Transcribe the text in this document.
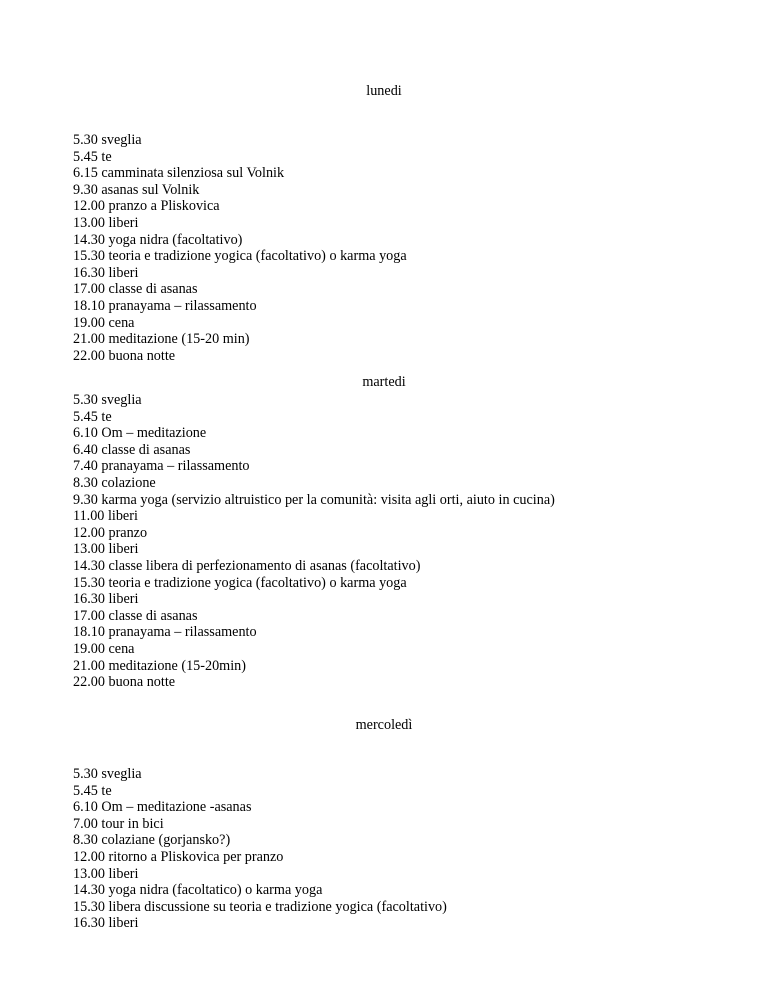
lunedi
5.30 sveglia
5.45 te
6.15 camminata silenziosa sul Volnik
9.30 asanas sul Volnik
12.00 pranzo a Pliskovica
13.00 liberi
14.30 yoga nidra (facoltativo)
15.30 teoria e tradizione yogica (facoltativo) o karma yoga
16.30 liberi
17.00 classe di asanas
18.10 pranayama – rilassamento
19.00 cena
21.00 meditazione (15-20 min)
22.00 buona notte
martedi
5.30 sveglia
5.45 te
6.10 Om – meditazione
6.40 classe di asanas
7.40 pranayama – rilassamento
8.30 colazione
9.30 karma yoga (servizio altruistico per la comunità: visita agli orti, aiuto in cucina)
11.00 liberi
12.00 pranzo
13.00 liberi
14.30 classe libera di perfezionamento di asanas (facoltativo)
15.30 teoria e tradizione yogica (facoltativo) o karma yoga
16.30 liberi
17.00 classe di asanas
18.10 pranayama – rilassamento
19.00 cena
21.00 meditazione (15-20min)
22.00 buona notte
mercoledì
5.30 sveglia
5.45 te
6.10 Om – meditazione -asanas
7.00 tour in bici
8.30 colaziane (gorjansko?)
12.00 ritorno a Pliskovica per pranzo
13.00 liberi
14.30 yoga nidra (facoltatico) o karma yoga
15.30 libera discussione su teoria e tradizione yogica (facoltativo)
16.30 liberi
